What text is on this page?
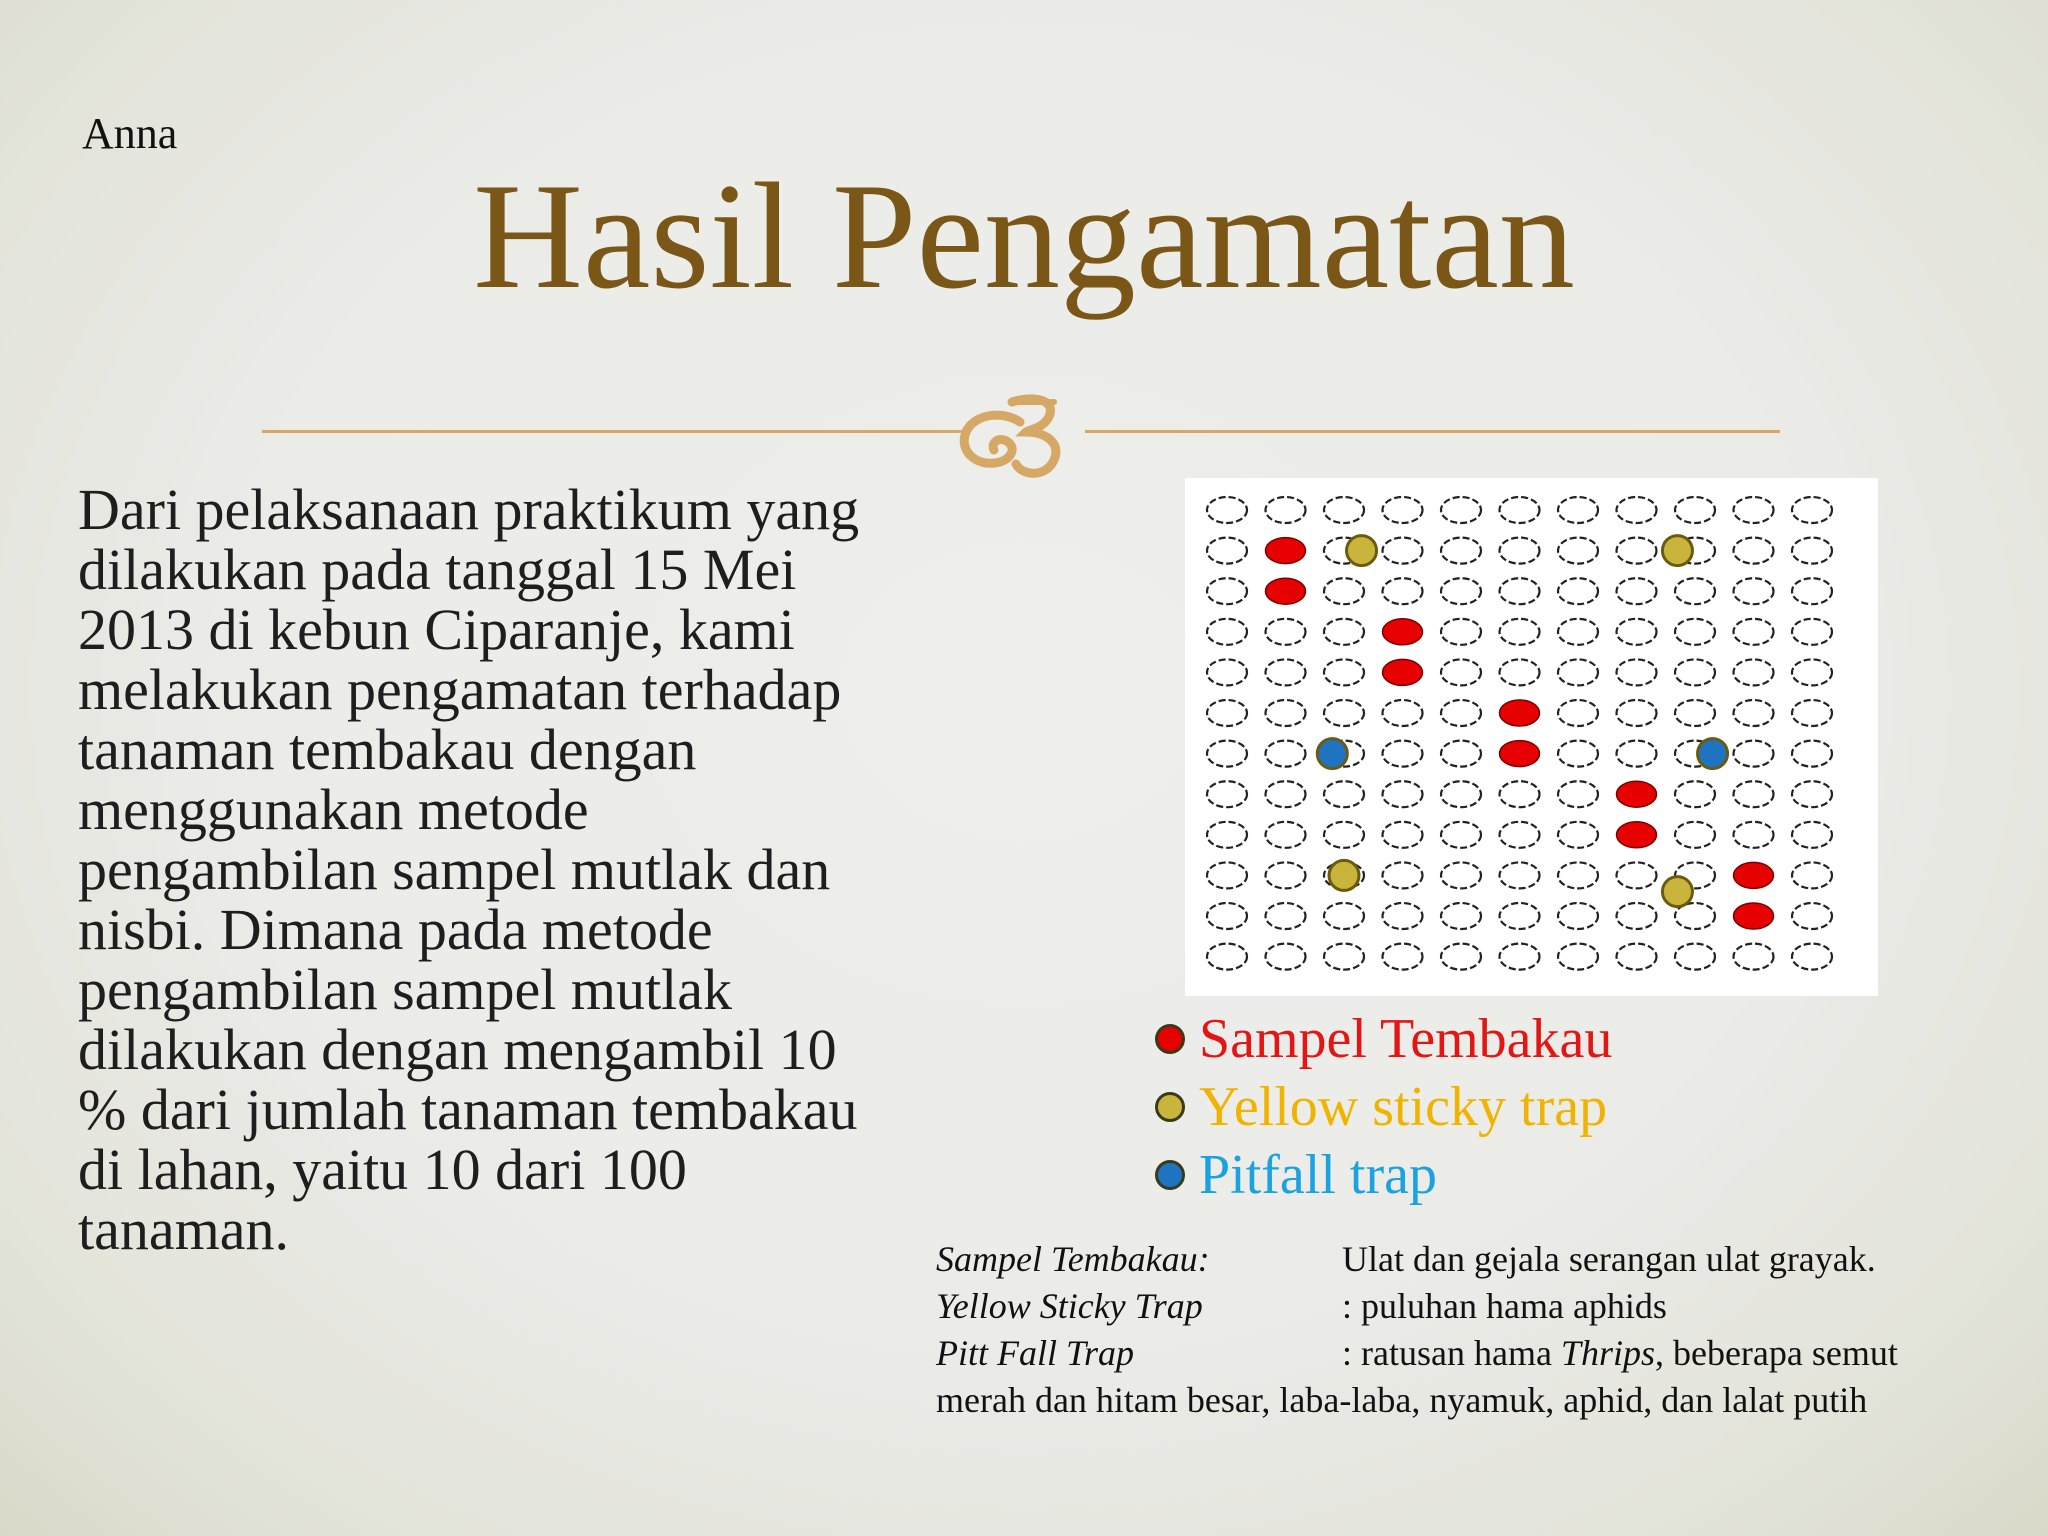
Anna
Hasil Pengamatan

Dari pelaksanaan praktikum yang dilakukan pada tanggal 15 Mei 2013 di kebun Ciparanje, kami melakukan pengamatan terhadap tanaman tembakau dengan menggunakan metode pengambilan sampel mutlak dan nisbi. Dimana pada metode pengambilan sampel mutlak dilakukan dengan mengambil 10 % dari jumlah tanaman tembakau di lahan, yaitu 10 dari 100 tanaman.

Sampel Tembakau
Yellow sticky trap
Pitfall trap
Sampel Tembakau:	Ulat dan gejala serangan ulat grayak.
Yellow Sticky Trap	: puluhan hama aphids
Pitt Fall Trap	: ratusan hama Thrips, beberapa semut
merah dan hitam besar, laba-laba, nyamuk, aphid, dan lalat putih
